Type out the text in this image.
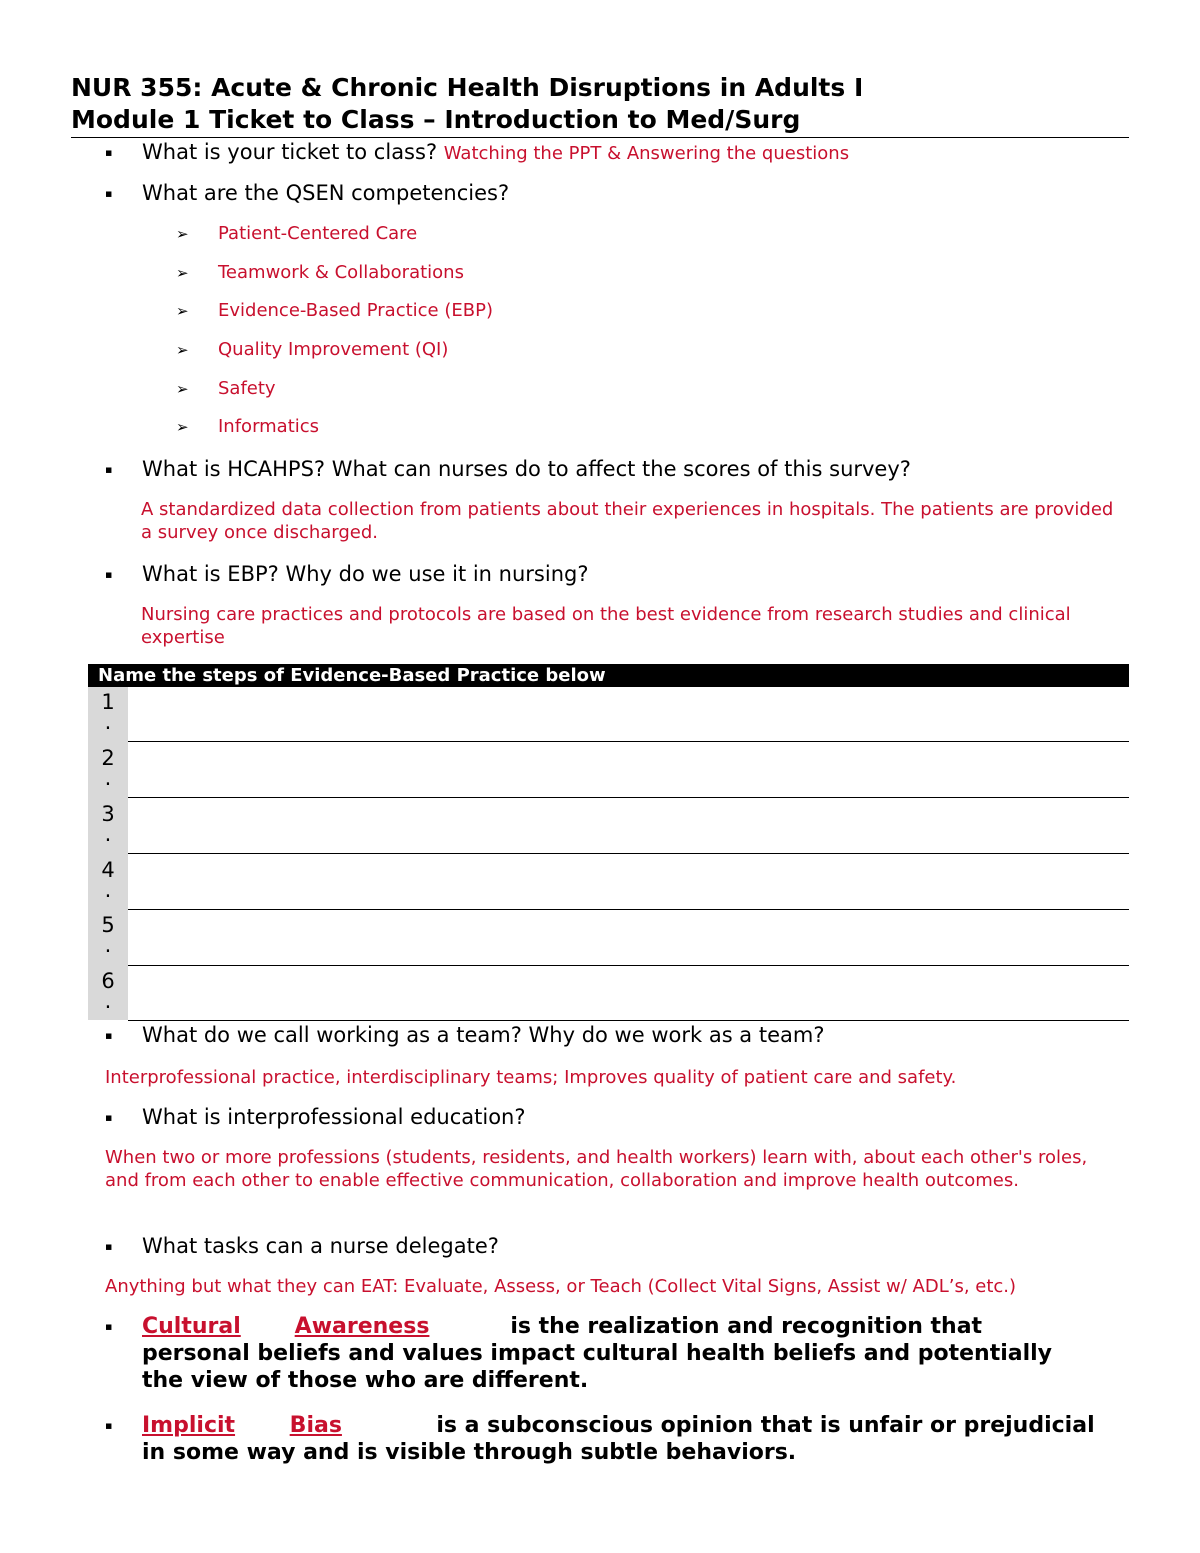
NUR 355: Acute & Chronic Health Disruptions in Adults I
Module 1 Ticket to Class – Introduction to Med/Surg
▪ What is your ticket to class? Watching the PPT & Answering the questions
▪ What are the QSEN competencies?
➢ Patient-Centered Care
➢ Teamwork & Collaborations
➢ Evidence-Based Practice (EBP)
➢ Quality Improvement (QI)
➢ Safety
➢ Informatics
▪ What is HCAHPS? What can nurses do to affect the scores of this survey?
A standardized data collection from patients about their experiences in hospitals. The patients are provided a survey once discharged.
▪ What is EBP? Why do we use it in nursing?
Nursing care practices and protocols are based on the best evidence from research studies and clinical expertise
Name the steps of Evidence-Based Practice below
1
.
2
.
3
.
4
.
5
.
6
.
▪ What do we call working as a team? Why do we work as a team?
Interprofessional practice, interdisciplinary teams; Improves quality of patient care and safety.
▪ What is interprofessional education?
When two or more professions (students, residents, and health workers) learn with, about each other's roles, and from each other to enable effective communication, collaboration and improve health outcomes.
▪ What tasks can a nurse delegate?
Anything but what they can EAT: Evaluate, Assess, or Teach (Collect Vital Signs, Assist w/ ADL’s, etc.)
▪ Cultural Awareness	is the realization and recognition that personal beliefs and values impact cultural health beliefs and potentially the view of those who are different.
▪ Implicit Bias	is a subconscious opinion that is unfair or prejudicial in some way and is visible through subtle behaviors.
